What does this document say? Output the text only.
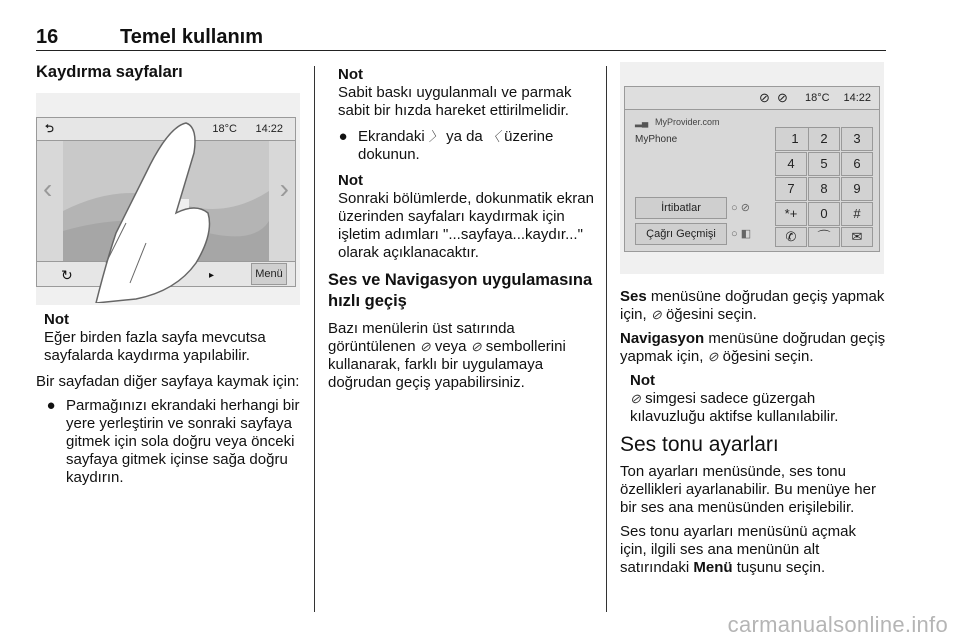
16	Temel kullanım

Kaydırma sayfaları

⮌	18°C 14:22
‹	›
↻	▸	Menü

Not

Eğer birden fazla sayfa mevcutsa sayfalarda kaydırma yapılabilir.

Bir sayfadan diğer sayfaya kaymak için:

● Parmağınızı ekrandaki herhangi bir yere yerleştirin ve sonraki sayfaya gitmek için sola doğru veya önceki sayfaya gitmek içinse sağa doğru kaydırın.

Not

Sabit baskı uygulanmalı ve parmak sabit bir hızda hareket ettirilmelidir.

● Ekrandaki 〉 ya da 〈 üzerine dokunun.

Not

Sonraki bölümlerde, dokunmatik ekran üzerinden sayfaları kaydırmak için işletim adımları "...sayfaya...kaydır..." olarak açıklanacaktır.

Ses ve Navigasyon uygulamasına hızlı geçiş

Bazı menülerin üst satırında görüntülenen ⊘ veya ⊘ sembollerini kullanarak, farklı bir uygulamaya doğrudan geçiş yapabilirsiniz.

⊘ ⊘ 18°C 14:22
▂▄ MyProvider.com
MyPhone	1	2	3
4	5	6
7	8	9
*+	0	#
✆	⌒	✉
İrtibatlar
Çağrı Geçmişi
○ ⊘
○ ◧

Ses menüsüne doğrudan geçiş yapmak için, ⊘ öğesini seçin.

Navigasyon menüsüne doğrudan geçiş yapmak için, ⊘ öğesini seçin.

Not

⊘ simgesi sadece güzergah kılavuzluğu aktifse kullanılabilir.

Ses tonu ayarları

Ton ayarları menüsünde, ses tonu özellikleri ayarlanabilir. Bu menüye her bir ses ana menüsünden erişilebilir.

Ses tonu ayarları menüsünü açmak için, ilgili ses ana menünün alt satırındaki Menü tuşunu seçin.

carmanualsonline.info
